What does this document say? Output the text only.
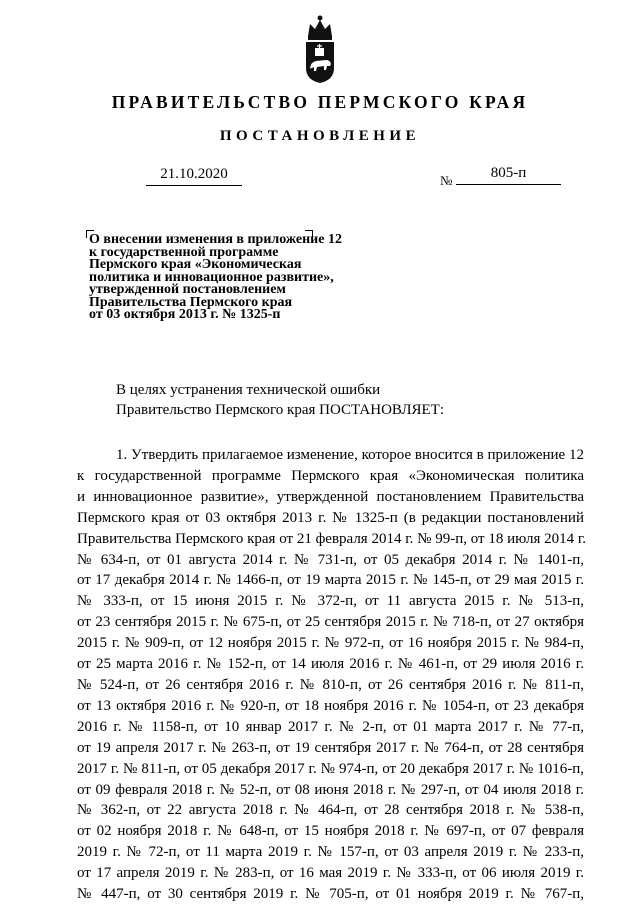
ПРАВИТЕЛЬСТВО ПЕРМСКОГО КРАЯ
ПОСТАНОВЛЕНИЕ
21.10.2020	№	805-п
О внесении изменения в приложение 12
к государственной программе
Пермского края «Экономическая
политика и инновационное развитие»,
утвержденной постановлением
Правительства Пермского края
от 03 октября 2013 г. № 1325-п
В целях устранения технической ошибки
Правительство Пермского края ПОСТАНОВЛЯЕТ:
1. Утвердить прилагаемое изменение, которое вносится в приложение 12
к государственной программе Пермского края «Экономическая политика
и инновационное развитие», утвержденной постановлением Правительства
Пермского края от 03 октября 2013 г. № 1325-п (в редакции постановлений
Правительства Пермского края от 21 февраля 2014 г. № 99-п, от 18 июля 2014 г.
№ 634-п, от 01 августа 2014 г. № 731-п, от 05 декабря 2014 г. № 1401-п,
от 17 декабря 2014 г. № 1466-п, от 19 марта 2015 г. № 145-п, от 29 мая 2015 г.
№ 333-п, от 15 июня 2015 г. № 372-п, от 11 августа 2015 г. № 513-п,
от 23 сентября 2015 г. № 675-п, от 25 сентября 2015 г. № 718-п, от 27 октября
2015 г. № 909-п, от 12 ноября 2015 г. № 972-п, от 16 ноября 2015 г. № 984-п,
от 25 марта 2016 г. № 152-п, от 14 июля 2016 г. № 461-п, от 29 июля 2016 г.
№ 524-п, от 26 сентября 2016 г. № 810-п, от 26 сентября 2016 г. № 811-п,
от 13 октября 2016 г. № 920-п, от 18 ноября 2016 г. № 1054-п, от 23 декабря
2016 г. № 1158-п, от 10 январ 2017 г. № 2-п, от 01 марта 2017 г. № 77-п,
от 19 апреля 2017 г. № 263-п, от 19 сентября 2017 г. № 764-п, от 28 сентября
2017 г. № 811-п, от 05 декабря 2017 г. № 974-п, от 20 декабря 2017 г. № 1016-п,
от 09 февраля 2018 г. № 52-п, от 08 июня 2018 г. № 297-п, от 04 июля 2018 г.
№ 362-п, от 22 августа 2018 г. № 464-п, от 28 сентября 2018 г. № 538-п,
от 02 ноября 2018 г. № 648-п, от 15 ноября 2018 г. № 697-п, от 07 февраля
2019 г. № 72-п, от 11 марта 2019 г. № 157-п, от 03 апреля 2019 г. № 233-п,
от 17 апреля 2019 г. № 283-п, от 16 мая 2019 г. № 333-п, от 06 июля 2019 г.
№ 447-п, от 30 сентября 2019 г. № 705-п, от 01 ноября 2019 г. № 767-п,
